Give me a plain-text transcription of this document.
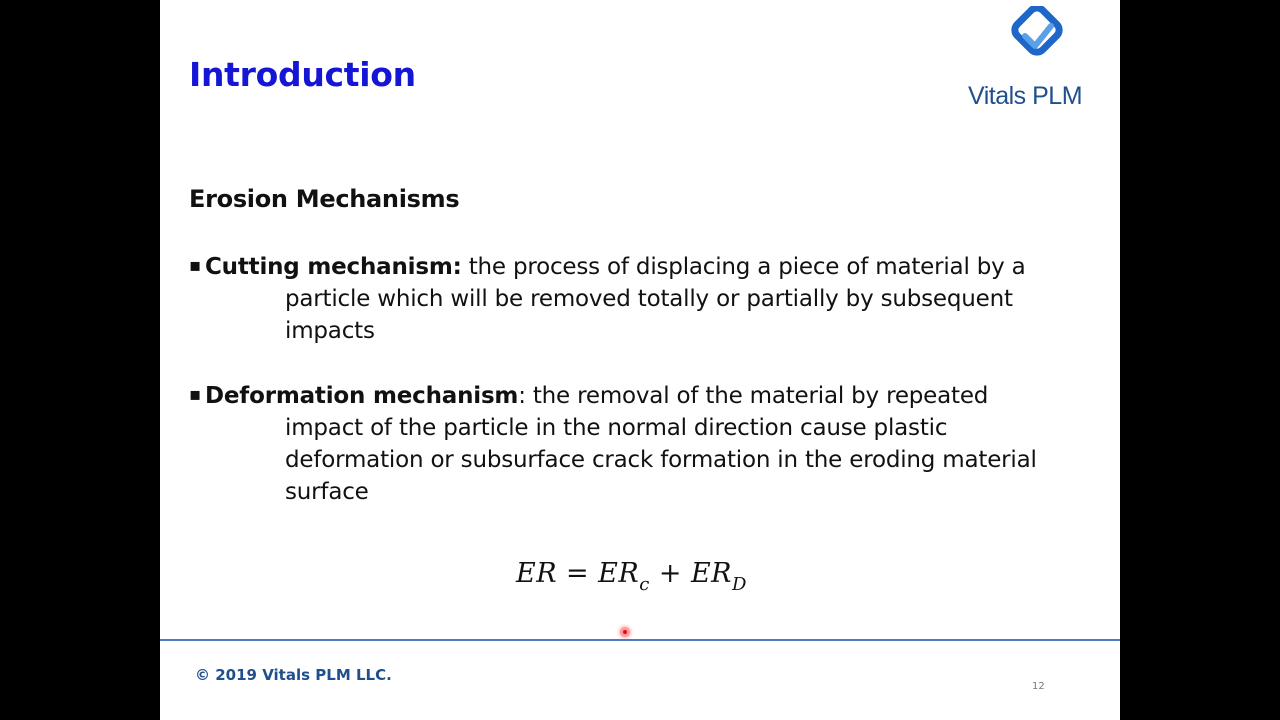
Introduction
Vitals PLM
Erosion Mechanisms
▪ Cutting mechanism: the process of displacing a piece of material by a
particle which will be removed totally or partially by subsequent impacts
▪ Deformation mechanism: the removal of the material by repeated
impact of the particle in the normal direction cause plastic deformation or subsurface crack formation in the eroding material surface
ER = $ER_c + ER_D$
© 2019 Vitals PLM LLC.
12
